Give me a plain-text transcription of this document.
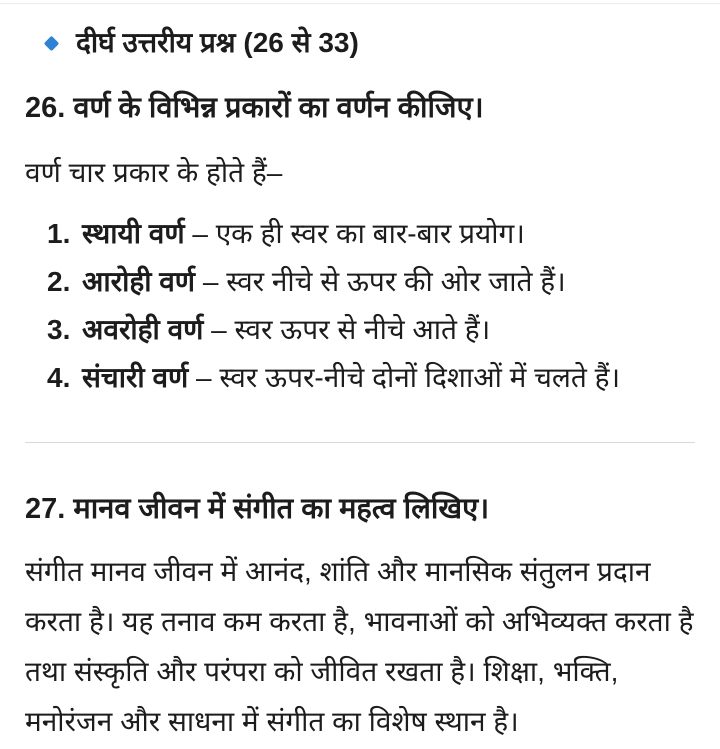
दीर्घ उत्तरीय प्रश्न (26 से 33)
26. वर्ण के विभिन्न प्रकारों का वर्णन कीजिए।

वर्ण चार प्रकार के होते हैं–

1. स्थायी वर्ण – एक ही स्वर का बार-बार प्रयोग।
2. आरोही वर्ण – स्वर नीचे से ऊपर की ओर जाते हैं।
3. अवरोही वर्ण – स्वर ऊपर से नीचे आते हैं।
4. संचारी वर्ण – स्वर ऊपर-नीचे दोनों दिशाओं में चलते हैं।
27. मानव जीवन में संगीत का महत्व लिखिए।

संगीत मानव जीवन में आनंद, शांति और मानसिक संतुलन प्रदान करता है। यह तनाव कम करता है, भावनाओं को अभिव्यक्त करता है तथा संस्कृति और परंपरा को जीवित रखता है। शिक्षा, भक्ति, मनोरंजन और साधना में संगीत का विशेष स्थान है।
